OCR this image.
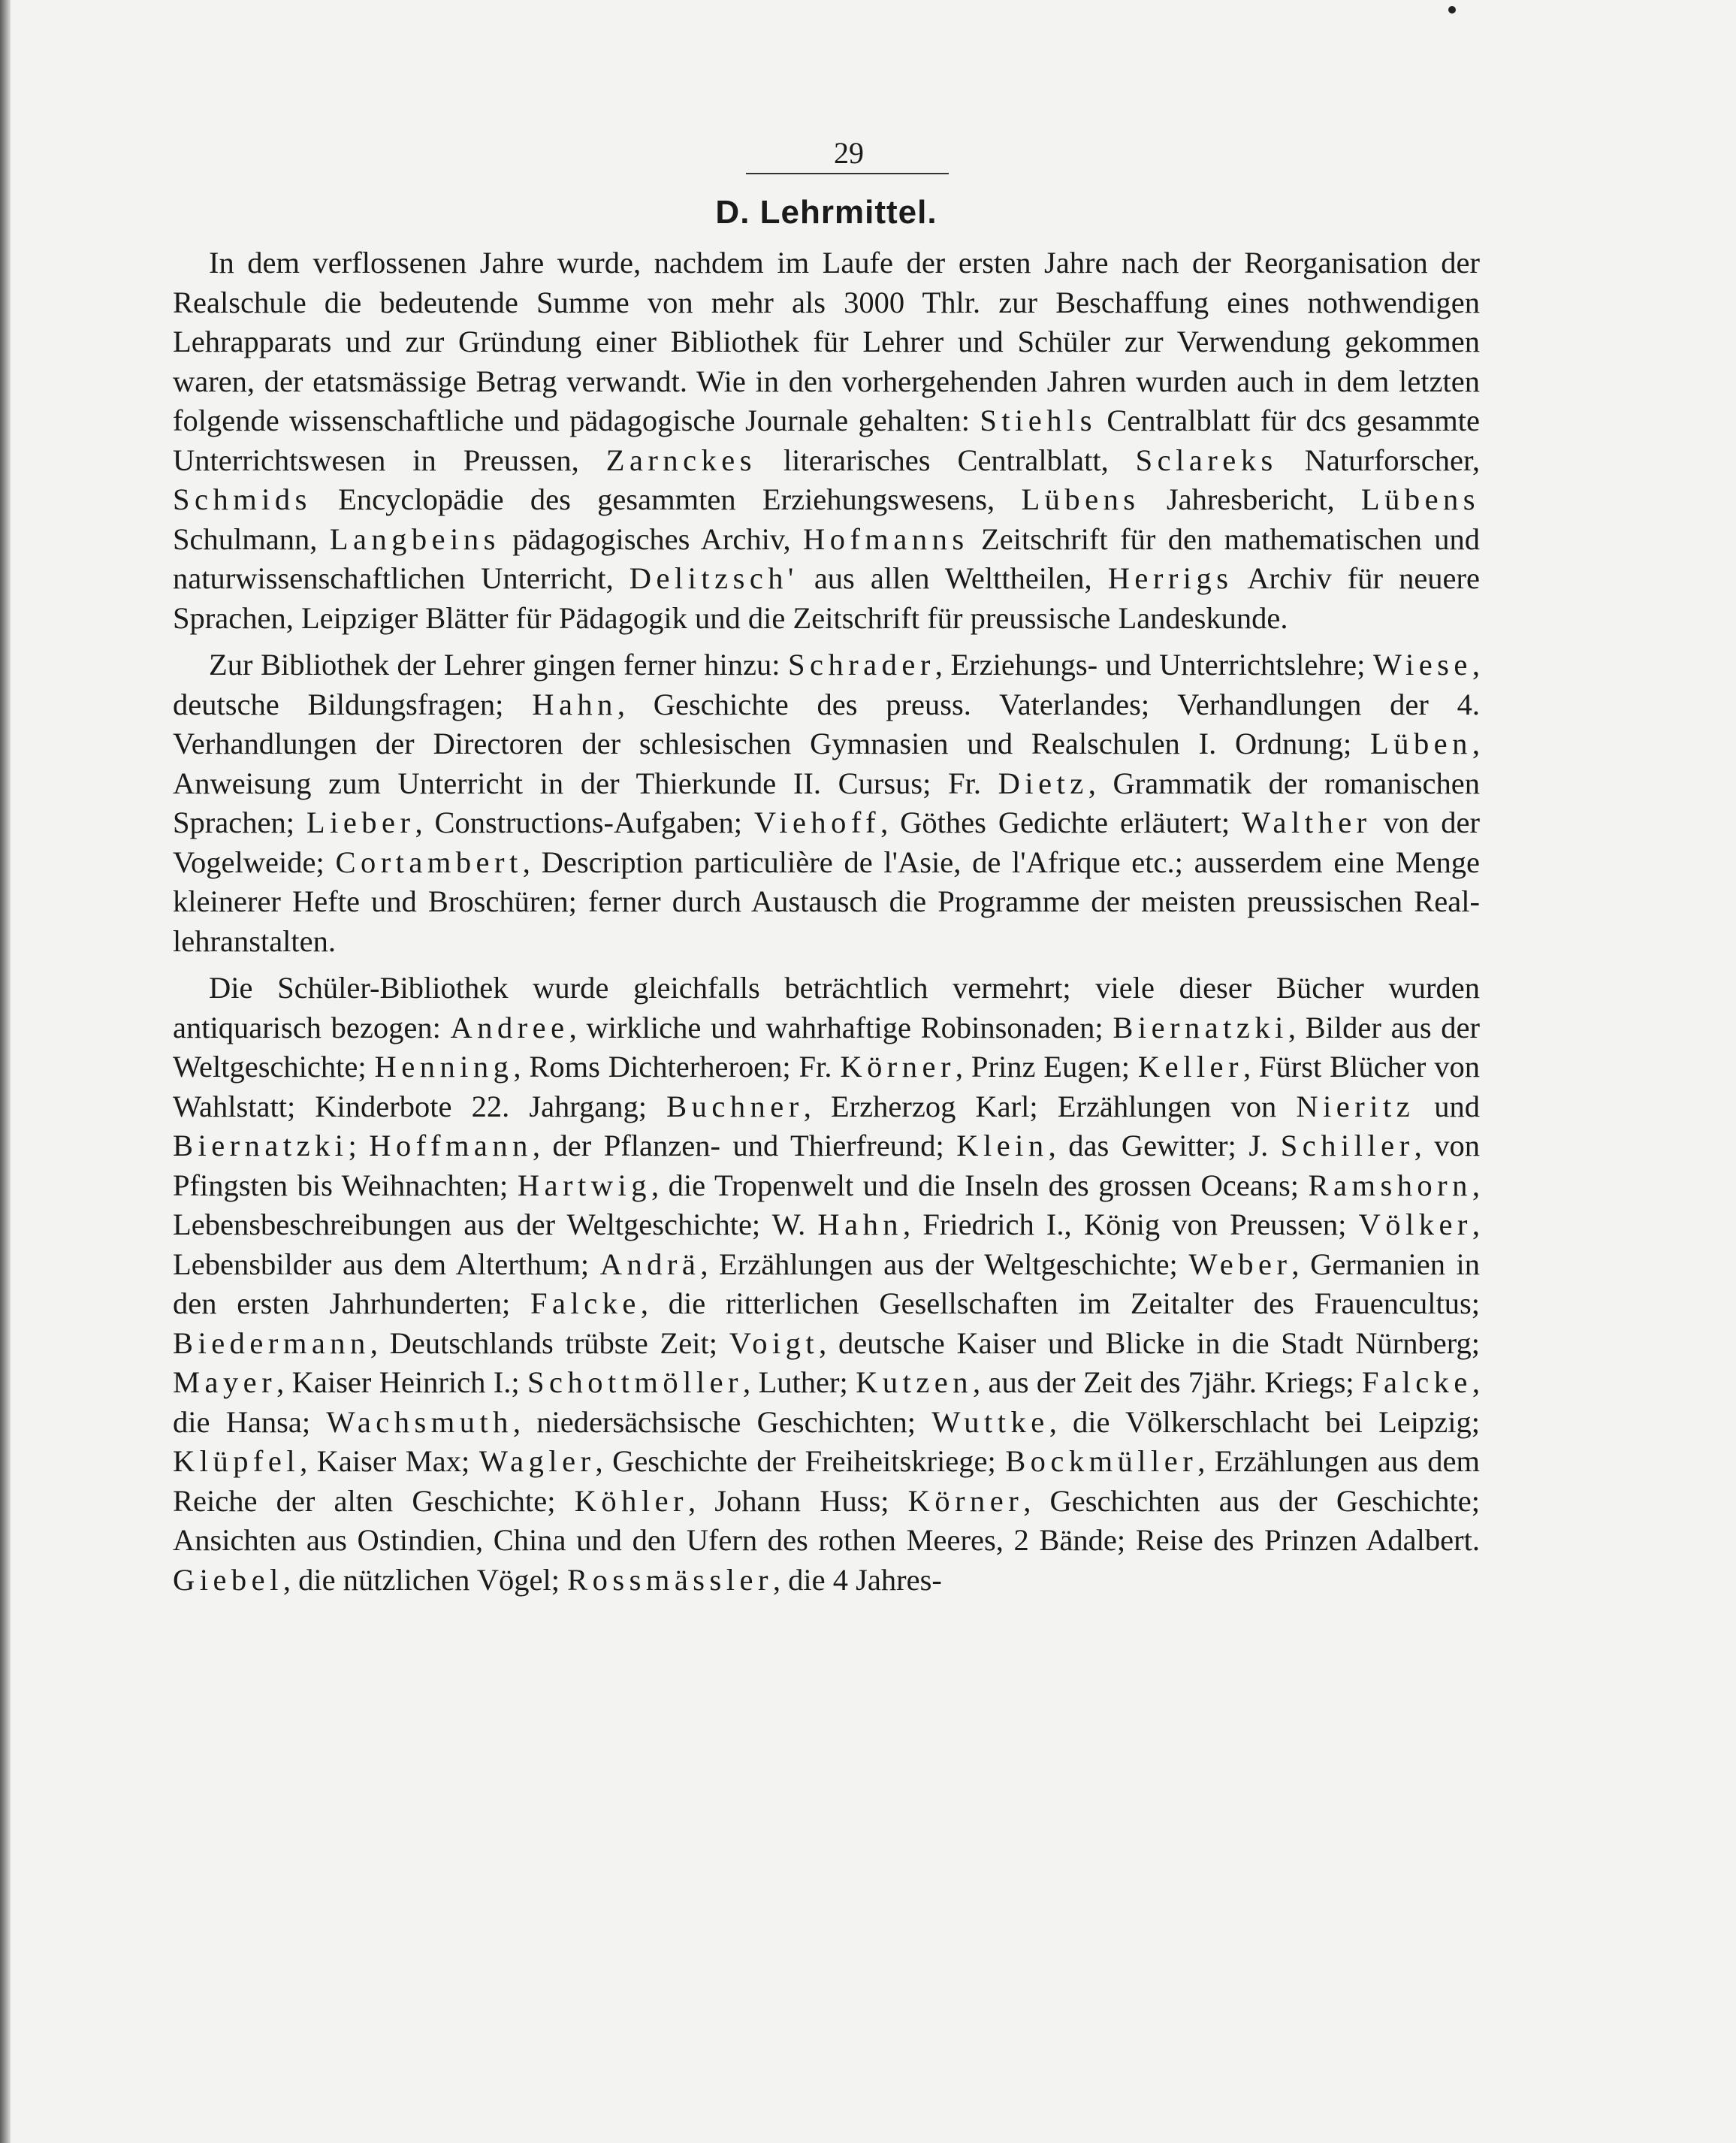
29
D. Lehrmittel.

In dem verflossenen Jahre wurde, nachdem im Laufe der ersten Jahre nach der Reorganisation der Realschule die bedeutende Summe von mehr als 3000 Thlr. zur Beschaffung eines nothwendigen Lehrapparats und zur Gründung einer Bibliothek für Lehrer und Schüler zur Verwendung gekommen waren, der etatsmässige Betrag verwandt. Wie in den vorhergehenden Jahren wurden auch in dem letzten folgende wissenschaftliche und pädagogische Journale gehalten: Stiehls Centralblatt für dcs gesammte Unterrichtswesen in Preussen, Zarnckes literarisches Centralblatt, Sclareks Naturforscher, Schmids Encyclopädie des gesammten Erziehungswesens, Lübens Jahresbericht, Lübens Schulmann, Langbeins pädagogisches Archiv, Hofmanns Zeitschrift für den mathematischen und naturwissenschaftlichen Unterricht, Delitzsch' aus allen Welttheilen, Herrigs Archiv für neuere Sprachen, Leipziger Blätter für Pädagogik und die Zeitschrift für preussische Landeskunde.

Zur Bibliothek der Lehrer gingen ferner hinzu: Schrader, Erziehungs- und Unterrichtslehre; Wiese, deutsche Bildungsfragen; Hahn, Geschichte des preuss. Vaterlandes; Verhandlungen der 4. Verhandlungen der Directoren der schlesischen Gymnasien und Realschulen I. Ordnung; Lüben, Anweisung zum Unterricht in der Thierkunde II. Cursus; Fr. Dietz, Grammatik der romanischen Sprachen; Lieber, Constructions-Aufgaben; Viehoff, Göthes Gedichte erläutert; Walther von der Vogelweide; Cortambert, Description particulière de l'Asie, de l'Afrique etc.; ausserdem eine Menge kleinerer Hefte und Broschüren; ferner durch Austausch die Programme der meisten preussischen Reallehranstalten.

Die Schüler-Bibliothek wurde gleichfalls beträchtlich vermehrt; viele dieser Bücher wurden antiquarisch bezogen: Andree, wirkliche und wahrhaftige Robinsonaden; Biernatzki, Bilder aus der Weltgeschichte; Henning, Roms Dichterheroen; Fr. Körner, Prinz Eugen; Keller, Fürst Blücher von Wahlstatt; Kinderbote 22. Jahrgang; Buchner, Erzherzog Karl; Erzählungen von Nieritz und Biernatzki; Hoffmann, der Pflanzen- und Thierfreund; Klein, das Gewitter; J. Schiller, von Pfingsten bis Weihnachten; Hartwig, die Tropenwelt und die Inseln des grossen Oceans; Ramshorn, Lebensbeschreibungen aus der Weltgeschichte; W. Hahn, Friedrich I., König von Preussen; Völker, Lebensbilder aus dem Alterthum; Andrä, Erzählungen aus der Weltgeschichte; Weber, Germanien in den ersten Jahrhunderten; Falcke, die ritterlichen Gesellschaften im Zeitalter des Frauencultus; Biedermann, Deutschlands trübste Zeit; Voigt, deutsche Kaiser und Blicke in die Stadt Nürnberg; Mayer, Kaiser Heinrich I.; Schottmöller, Luther; Kutzen, aus der Zeit des 7jähr. Kriegs; Falcke, die Hansa; Wachsmuth, niedersächsische Geschichten; Wuttke, die Völkerschlacht bei Leipzig; Klüpfel, Kaiser Max; Wagler, Geschichte der Freiheitskriege; Bockmüller, Erzählungen aus dem Reiche der alten Geschichte; Köhler, Johann Huss; Körner, Geschichten aus der Geschichte; Ansichten aus Ostindien, China und den Ufern des rothen Meeres, 2 Bände; Reise des Prinzen Adalbert. Giebel, die nützlichen Vögel; Rossmässler, die 4 Jahres-
